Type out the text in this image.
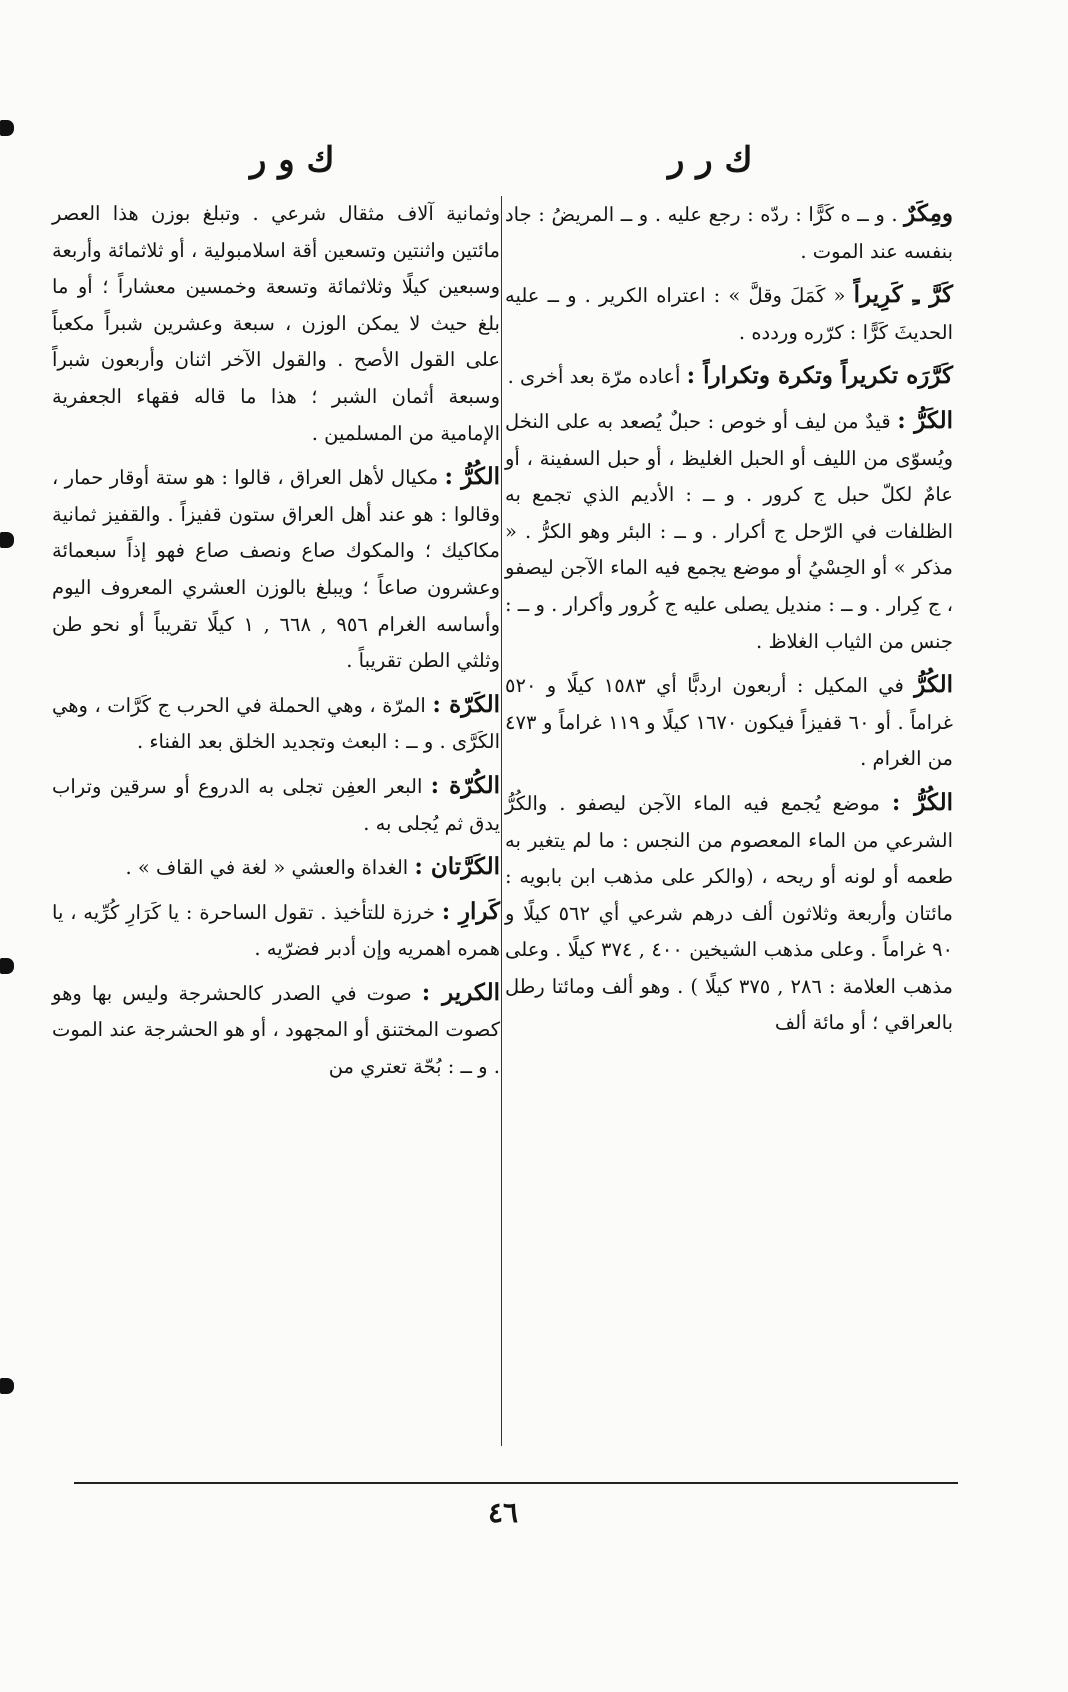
ك ر ر
ك و ر

ومِكَرٌ . و ــ ه كَرًّا : ردّه : رجع عليه . و ــ المريضُ : جاد بنفسه عند الموت .

كَرَّ ـِ كَرِيراً « كَمَلَ وقلَّ » : اعتراه الكرير . و ــ عليه الحديثَ كَرًّا : كرّره وردده .

كَرَّرَه تكريراً وتكرة وتكراراً : أعاده مرّة بعد أخرى .

الكَرُّ : قيدٌ من ليف أو خوص : حبلٌ يُصعد به على النخل ويُسوّى من الليف أو الحبل الغليظ ، أو حبل السفينة ، أو عامٌ لكلّ حبل ج كرور . و ــ : الأديم الذي تجمع به الظلفات في الرّحل ج أكرار . و ــ : البئر وهو الكرُّ . « مذكر » أو الحِسْيُ أو موضع يجمع فيه الماء الآجن ليصفو ، ج كِرار . و ــ : منديل يصلى عليه ج كُرور وأكرار . و ــ : جنس من الثياب الغلاظ .

الكُرُّ في المكيل : أربعون اردبًّا أي ١٥٨٣ كيلًا و ٥٢٠ غراماً . أو ٦٠ قفيزاً فيكون ١٦٧٠ كيلًا و ١١٩ غراماً و ٤٧٣ من الغرام .

الكُرُّ : موضع يُجمع فيه الماء الآجن ليصفو . والكُرُّ الشرعي من الماء المعصوم من النجس : ما لم يتغير به طعمه أو لونه أو ريحه ، (والكر على مذهب ابن بابويه : مائتان وأربعة وثلاثون ألف درهم شرعي أي ٥٦٢ كيلًا و ٩٠ غراماً . وعلى مذهب الشيخين ٤٠٠ , ٣٧٤ كيلًا . وعلى مذهب العلامة : ٢٨٦ , ٣٧٥ كيلًا ) . وهو ألف ومائتا رطل بالعراقي ؛ أو مائة ألف

وثمانية آلاف مثقال شرعي . وتبلغ بوزن هذا العصر مائتين واثنتين وتسعين أقة اسلامبولية ، أو ثلاثمائة وأربعة وسبعين كيلًا وثلاثمائة وتسعة وخمسين معشاراً ؛ أو ما بلغ حيث لا يمكن الوزن ، سبعة وعشرين شبراً مكعباً على القول الأصح . والقول الآخر اثنان وأربعون شبراً وسبعة أثمان الشبر ؛ هذا ما قاله فقهاء الجعفرية الإمامية من المسلمين .

الكُرُّ : مكيال لأهل العراق ، قالوا : هو ستة أوقار حمار ، وقالوا : هو عند أهل العراق ستون قفيزاً . والقفيز ثمانية مكاكيك ؛ والمكوك صاع ونصف صاع فهو إذاً سبعمائة وعشرون صاعاً ؛ ويبلغ بالوزن العشري المعروف اليوم وأساسه الغرام ٩٥٦ , ٦٦٨ , ١ كيلًا تقريباً أو نحو طن وثلثي الطن تقريباً .

الكَرّة : المرّة ، وهي الحملة في الحرب ج كَرَّات ، وهي الكَرَّى . و ــ : البعث وتجديد الخلق بعد الفناء .

الكُرّة : البعر العفِن تجلى به الدروع أو سرقين وتراب يدق ثم يُجلى به .

الكَرَّتان : الغداة والعشي « لغة في القاف » .

كَرارِ : خرزة للتأخيذ . تقول الساحرة : يا كَرَارِ كُرِّيه ، يا همره اهمريه وإن أدبر فضرّيه .

الكرير : صوت في الصدر كالحشرجة وليس بها وهو كصوت المختنق أو المجهود ، أو هو الحشرجة عند الموت . و ــ : بُحّة تعتري من

٤٦
